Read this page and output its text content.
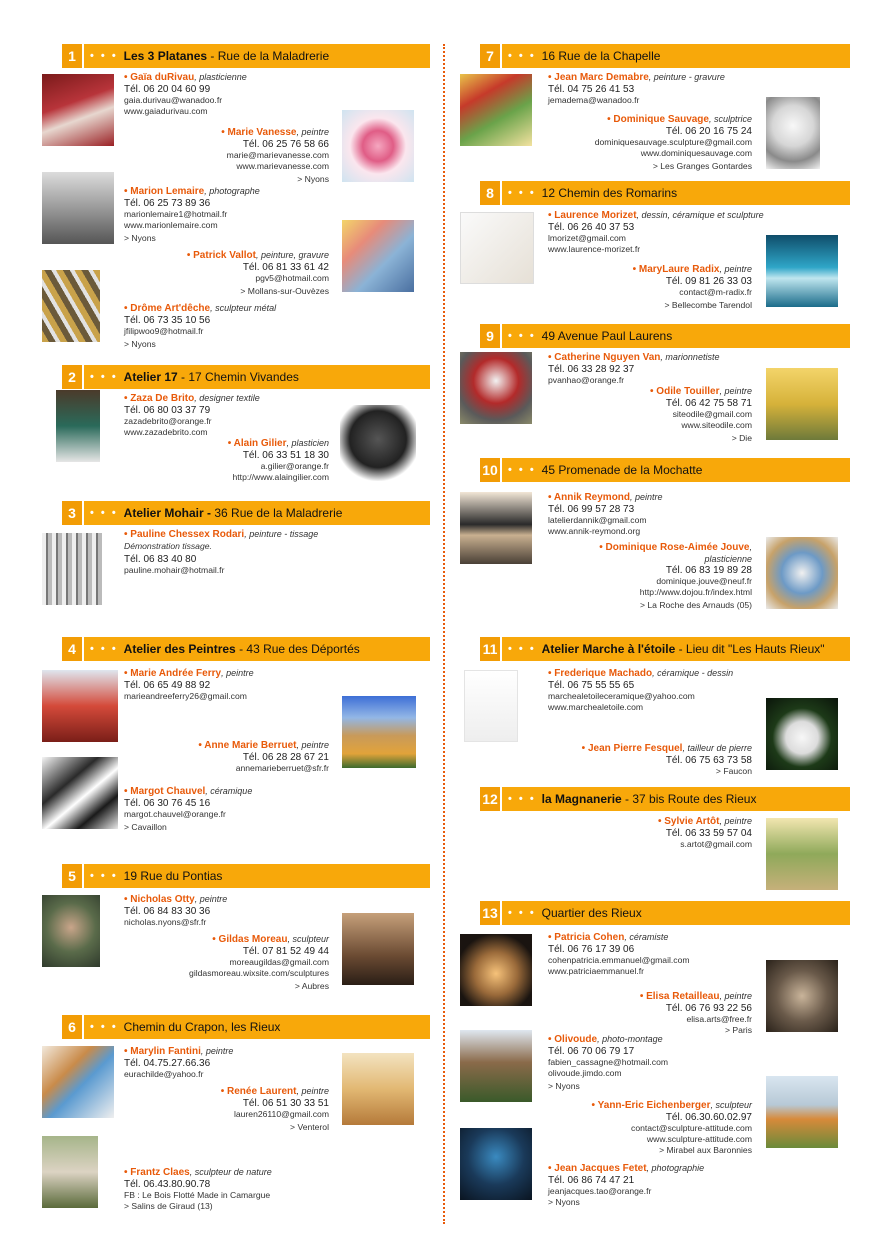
1	• • • Les 3 Platanes - Rue de la Maladrerie
2	• • • Atelier 17 - 17 Chemin Vivandes
3	• • • Atelier Mohair - 36 Rue de la Maladrerie
4	• • • Atelier des Peintres - 43 Rue des Déportés
5	• • • 19 Rue du Pontias
6	• • • Chemin du Crapon, les Rieux
7	• • • 16 Rue de la Chapelle
8	• • • 12 Chemin des Romarins
9	• • • 49 Avenue Paul Laurens
10 • • • 45 Promenade de la Mochatte
11 • • • Atelier Marche à l'étoile - Lieu dit "Les Hauts Rieux"
12 • • • la Magnanerie - 37 bis Route des Rieux
13 • • • Quartier des Rieux
• Gaïa duRivau, plasticienne
Tél. 06 20 04 60 99
gaia.durivau@wanadoo.fr
www.gaiadurivau.com
• Marie Vanesse, peintre
Tél. 06 25 76 58 66
marie@marievanesse.com
www.marievanesse.com
> Nyons
• Marion Lemaire, photographe
Tél. 06 25 73 89 36
marionlemaire1@hotmail.fr
www.marionlemaire.com
> Nyons
• Patrick Vallot, peinture, gravure
Tél. 06 81 33 61 42
pgv5@hotmail.com
> Mollans-sur-Ouvèzes
• Drôme Art'dêche, sculpteur métal
Tél. 06 73 35 10 56
jfilipwoo9@hotmail.fr
> Nyons
• Zaza De Brito, designer textile
Tél. 06 80 03 37 79
zazadebrito@orange.fr
www.zazadebrito.com
• Alain Gilier, plasticien
Tél. 06 33 51 18 30
a.gilier@orange.fr
http://www.alaingilier.com
• Pauline Chessex Rodari, peinture - tissage
Démonstration tissage.
Tél. 06 83 40 80
pauline.mohair@hotmail.fr
• Marie Andrée Ferry, peintre
Tél. 06 65 49 88 92
marieandreeferry26@gmail.com
• Anne Marie Berruet, peintre
Tél. 06 28 28 67 21
annemarieberruet@sfr.fr
• Margot Chauvel, céramique
Tél. 06 30 76 45 16
margot.chauvel@orange.fr
> Cavaillon
• Nicholas Otty, peintre
Tél. 06 84 83 30 36
nicholas.nyons@sfr.fr
• Gildas Moreau, sculpteur
Tél. 07 81 52 49 44
moreaugildas@gmail.com
gildasmoreau.wixsite.com/sculptures
> Aubres
• Marylin Fantini, peintre
Tél. 04.75.27.66.36
eurachilde@yahoo.fr
• Renée Laurent, peintre
Tél. 06 51 30 33 51
lauren26110@gmail.com
> Venterol
• Frantz Claes, sculpteur de nature
Tél. 06.43.80.90.78
FB : Le Bois Flotté Made in Camargue
> Salins de Giraud (13)
• Jean Marc Demabre, peinture - gravure
Tél. 04 75 26 41 53
jemadema@wanadoo.fr
• Dominique Sauvage, sculptrice
Tél. 06 20 16 75 24
dominiquesauvage.sculpture@gmail.com
www.dominiquesauvage.com
> Les Granges Gontardes
• Laurence Morizet, dessin, céramique et sculpture
Tél. 06 26 40 37 53
lmorizet@gmail.com
www.laurence-morizet.fr
• MaryLaure Radix, peintre
Tél. 09 81 26 33 03
contact@m-radix.fr
> Bellecombe Tarendol
• Catherine Nguyen Van, marionnetiste
Tél. 06 33 28 92 37
pvanhao@orange.fr
• Odile Touiller, peintre
Tél. 06 42 75 58 71
siteodile@gmail.com
www.siteodile.com
> Die
• Annik Reymond, peintre
Tél. 06 99 57 28 73
latelierdannik@gmail.com
www.annik-reymond.org
• Dominique Rose-Aimée Jouve,
plasticienne
Tél. 06 83 19 89 28
dominique.jouve@neuf.fr
http://www.dojou.fr/index.html
> La Roche des Arnauds (05)
• Frederique Machado, céramique - dessin
Tél. 06 75 55 55 65
marchealetoileceramique@yahoo.com
www.marchealetoile.com
• Jean Pierre Fesquel, tailleur de pierre
Tél. 06 75 63 73 58
> Faucon
• Sylvie Artôt, peintre
Tél. 06 33 59 57 04
s.artot@gmail.com
• Patricia Cohen, céramiste
Tél. 06 76 17 39 06
cohenpatricia.emmanuel@gmail.com
www.patriciaemmanuel.fr
• Elisa Retailleau, peintre
Tél. 06 76 93 22 56
elisa.arts@free.fr
> Paris
• Olivoude, photo-montage
Tél. 06 70 06 79 17
fabien_cassagne@hotmail.com
olivoude.jimdo.com
> Nyons
• Yann-Eric Eichenberger, sculpteur
Tél. 06.30.60.02.97
contact@sculpture-attitude.com
www.sculpture-attitude.com
> Mirabel aux Baronnies
• Jean Jacques Fetet, photographie
Tél. 06 86 74 47 21
jeanjacques.tao@orange.fr
> Nyons
